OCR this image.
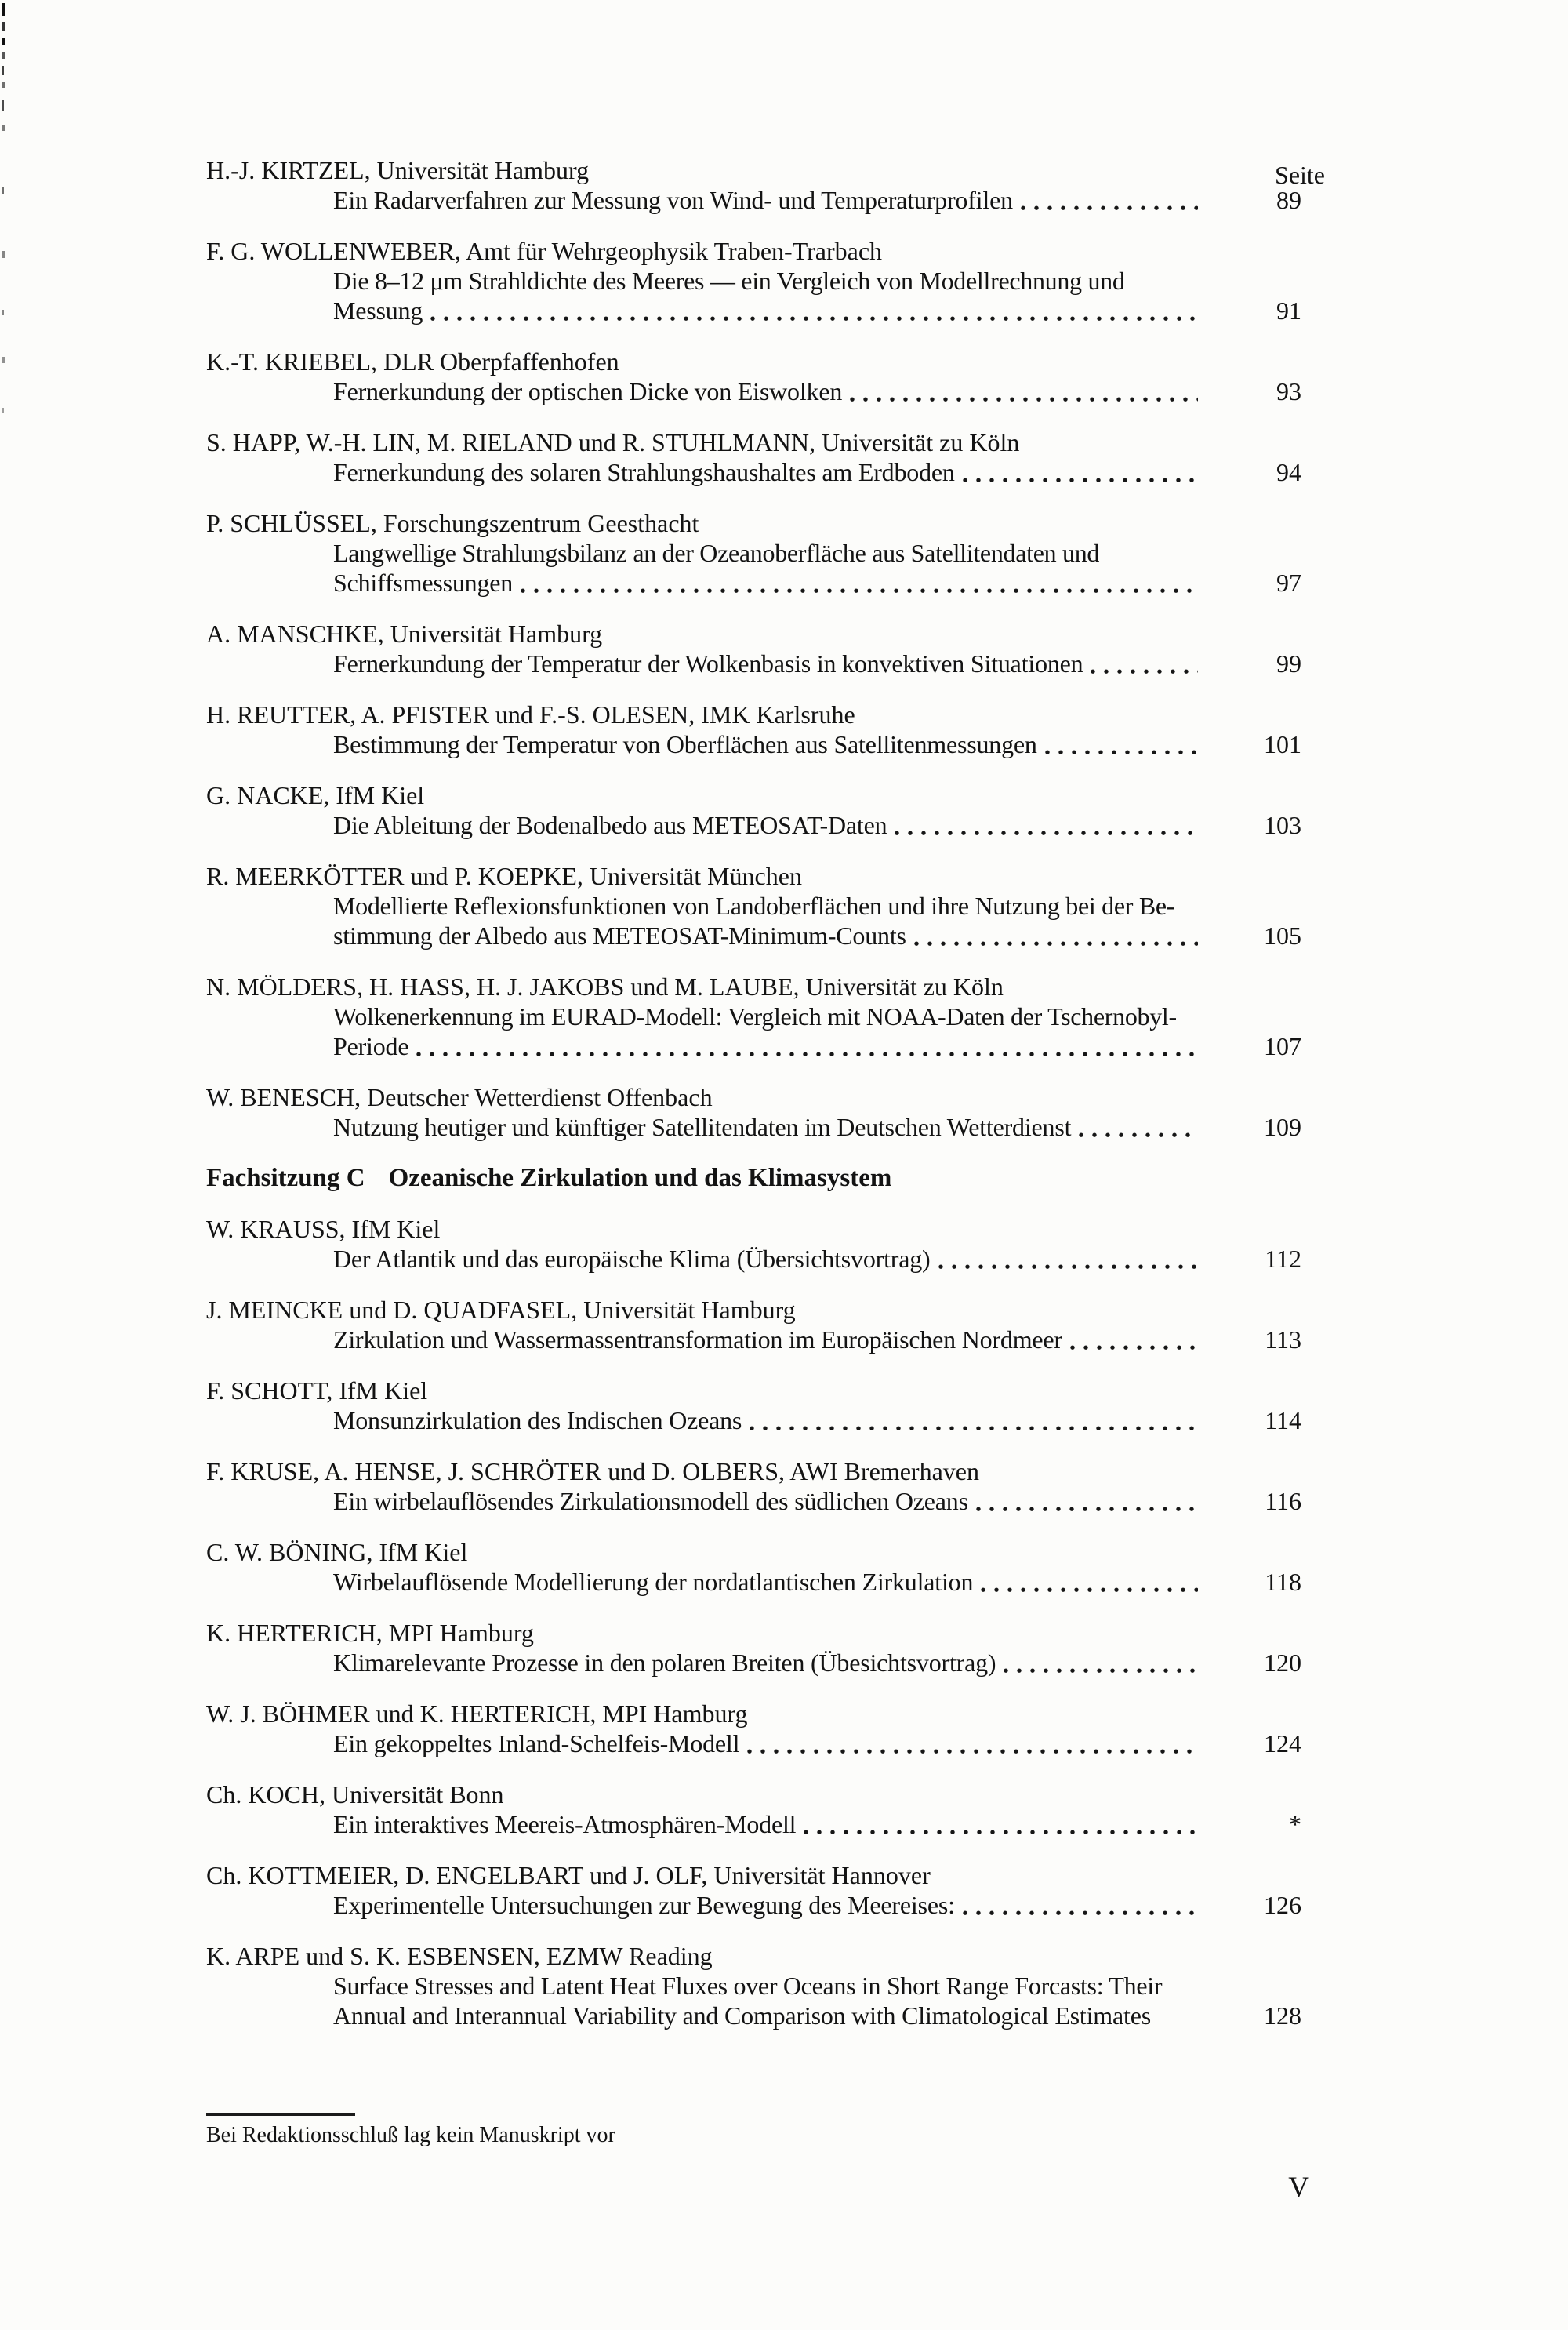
Seite
H.-J. KIRTZEL, Universität Hamburg
Ein Radarverfahren zur Messung von Wind- und Temperaturprofilen	89
F. G. WOLLENWEBER, Amt für Wehrgeophysik Traben-Trarbach
Die 8–12 μm Strahldichte des Meeres — ein Vergleich von Modellrechnung und
Messung	91
K.-T. KRIEBEL, DLR Oberpfaffenhofen
Fernerkundung der optischen Dicke von Eiswolken	93
S. HAPP, W.-H. LIN, M. RIELAND und R. STUHLMANN, Universität zu Köln
Fernerkundung des solaren Strahlungshaushaltes am Erdboden	94
P. SCHLÜSSEL, Forschungszentrum Geesthacht
Langwellige Strahlungsbilanz an der Ozeanoberfläche aus Satellitendaten und
Schiffsmessungen	97
A. MANSCHKE, Universität Hamburg
Fernerkundung der Temperatur der Wolkenbasis in konvektiven Situationen	99
H. REUTTER, A. PFISTER und F.-S. OLESEN, IMK Karlsruhe
Bestimmung der Temperatur von Oberflächen aus Satellitenmessungen	101
G. NACKE, IfM Kiel
Die Ableitung der Bodenalbedo aus METEOSAT-Daten	103
R. MEERKÖTTER und P. KOEPKE, Universität München
Modellierte Reflexionsfunktionen von Landoberflächen und ihre Nutzung bei der Be-
stimmung der Albedo aus METEOSAT-Minimum-Counts	105
N. MÖLDERS, H. HASS, H. J. JAKOBS und M. LAUBE, Universität zu Köln
Wolkenerkennung im EURAD-Modell: Vergleich mit NOAA-Daten der Tschernobyl-
Periode	107
W. BENESCH, Deutscher Wetterdienst Offenbach
Nutzung heutiger und künftiger Satellitendaten im Deutschen Wetterdienst	109
Fachsitzung C Ozeanische Zirkulation und das Klimasystem
W. KRAUSS, IfM Kiel
Der Atlantik und das europäische Klima (Übersichtsvortrag)	112
J. MEINCKE und D. QUADFASEL, Universität Hamburg
Zirkulation und Wassermassentransformation im Europäischen Nordmeer	113
F. SCHOTT, IfM Kiel
Monsunzirkulation des Indischen Ozeans	114
F. KRUSE, A. HENSE, J. SCHRÖTER und D. OLBERS, AWI Bremerhaven
Ein wirbelauflösendes Zirkulationsmodell des südlichen Ozeans	116
C. W. BÖNING, IfM Kiel
Wirbelauflösende Modellierung der nordatlantischen Zirkulation	118
K. HERTERICH, MPI Hamburg
Klimarelevante Prozesse in den polaren Breiten (Übesichtsvortrag)	120
W. J. BÖHMER und K. HERTERICH, MPI Hamburg
Ein gekoppeltes Inland-Schelfeis-Modell	124
Ch. KOCH, Universität Bonn
Ein interaktives Meereis-Atmosphären-Modell	*
Ch. KOTTMEIER, D. ENGELBART und J. OLF, Universität Hannover
Experimentelle Untersuchungen zur Bewegung des Meereises:	126
K. ARPE und S. K. ESBENSEN, EZMW Reading
Surface Stresses and Latent Heat Fluxes over Oceans in Short Range Forcasts: Their
Annual and Interannual Variability and Comparison with Climatological Estimates	128
Bei Redaktionsschluß lag kein Manuskript vor
V
